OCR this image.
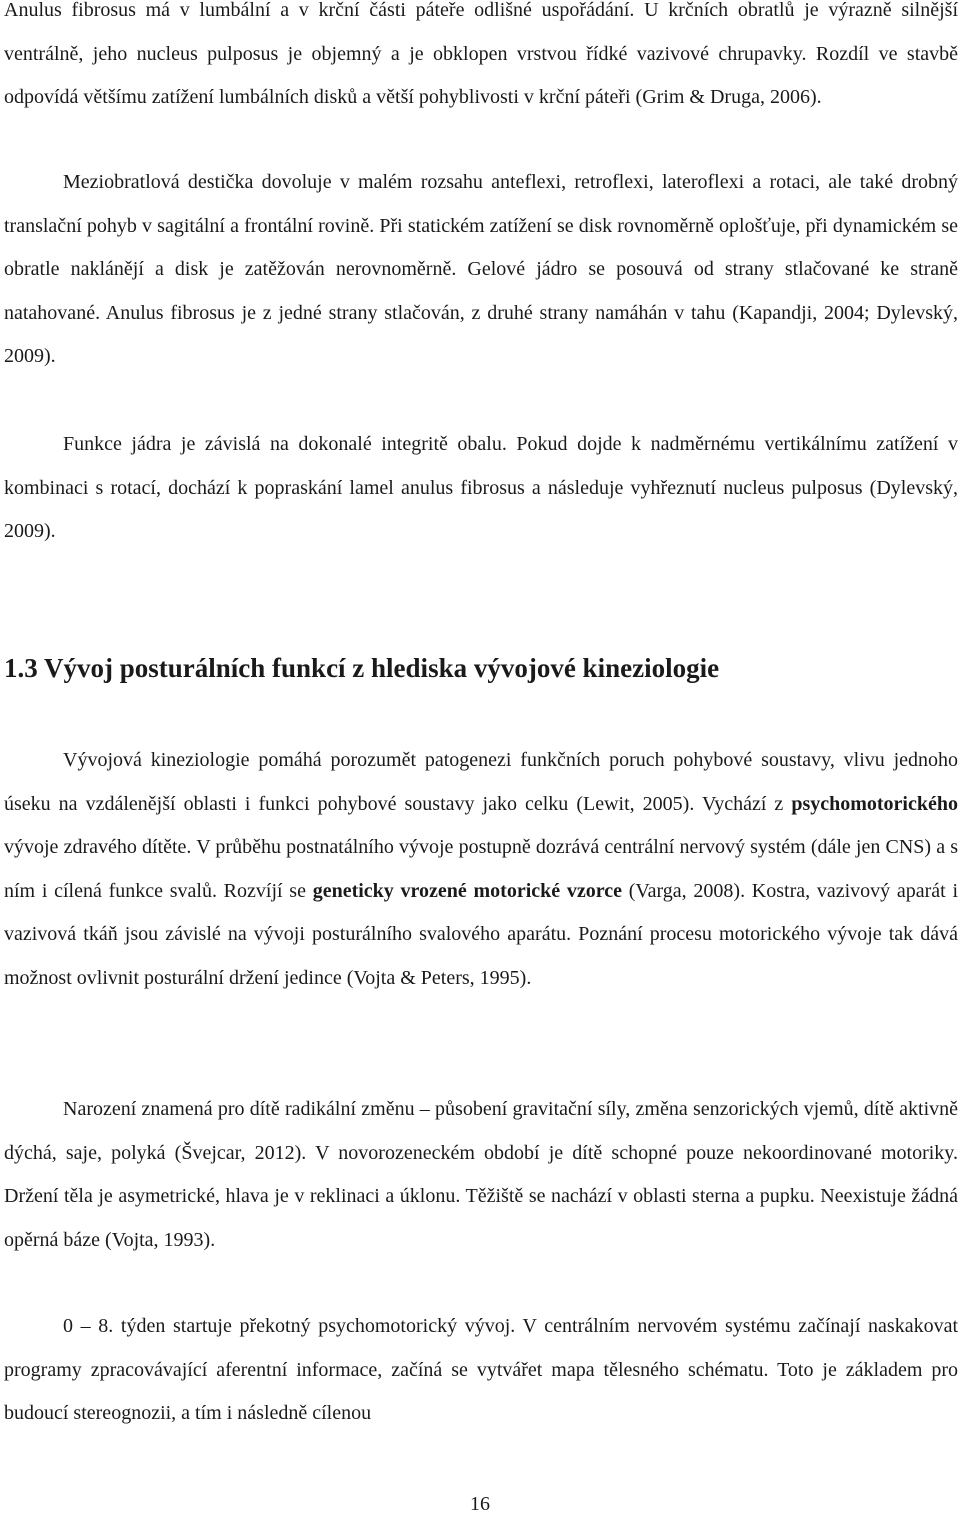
Anulus fibrosus má v lumbální a v krční části páteře odlišné uspořádání. U krčních obratlů je výrazně silnější ventrálně, jeho nucleus pulposus je objemný a je obklopen vrstvou řídké vazivové chrupavky. Rozdíl ve stavbě odpovídá většímu zatížení lumbálních disků a větší pohyblivosti v krční páteři (Grim & Druga, 2006).

Meziobratlová destička dovoluje v malém rozsahu anteflexi, retroflexi, lateroflexi a rotaci, ale také drobný translační pohyb v sagitální a frontální rovině. Při statickém zatížení se disk rovnoměrně oplošťuje, při dynamickém se obratle naklánějí a disk je zatěžován nerovnoměrně. Gelové jádro se posouvá od strany stlačované ke straně natahované. Anulus fibrosus je z jedné strany stlačován, z druhé strany namáhán v tahu (Kapandji, 2004; Dylevský, 2009).

Funkce jádra je závislá na dokonalé integritě obalu. Pokud dojde k nadměrnému vertikálnímu zatížení v kombinaci s rotací, dochází k popraskání lamel anulus fibrosus a následuje vyhřeznutí nucleus pulposus (Dylevský, 2009).

1.3 Vývoj posturálních funkcí z hlediska vývojové kineziologie

Vývojová kineziologie pomáhá porozumět patogenezi funkčních poruch pohybové soustavy, vlivu jednoho úseku na vzdálenější oblasti i funkci pohybové soustavy jako celku (Lewit, 2005). Vychází z psychomotorického vývoje zdravého dítěte. V průběhu postnatálního vývoje postupně dozrává centrální nervový systém (dále jen CNS) a s ním i cílená funkce svalů. Rozvíjí se geneticky vrozené motorické vzorce (Varga, 2008). Kostra, vazivový aparát i vazivová tkáň jsou závislé na vývoji posturálního svalového aparátu. Poznání procesu motorického vývoje tak dává možnost ovlivnit posturální držení jedince (Vojta & Peters, 1995).

Narození znamená pro dítě radikální změnu – působení gravitační síly, změna senzorických vjemů, dítě aktivně dýchá, saje, polyká (Švejcar, 2012). V novorozeneckém období je dítě schopné pouze nekoordinované motoriky. Držení těla je asymetrické, hlava je v reklinaci a úklonu. Těžiště se nachází v oblasti sterna a pupku. Neexistuje žádná opěrná báze (Vojta, 1993).

0 – 8. týden startuje překotný psychomotorický vývoj. V centrálním nervovém systému začínají naskakovat programy zpracovávající aferentní informace, začíná se vytvářet mapa tělesného schématu. Toto je základem pro budoucí stereognozii, a tím i následně cílenou

16
